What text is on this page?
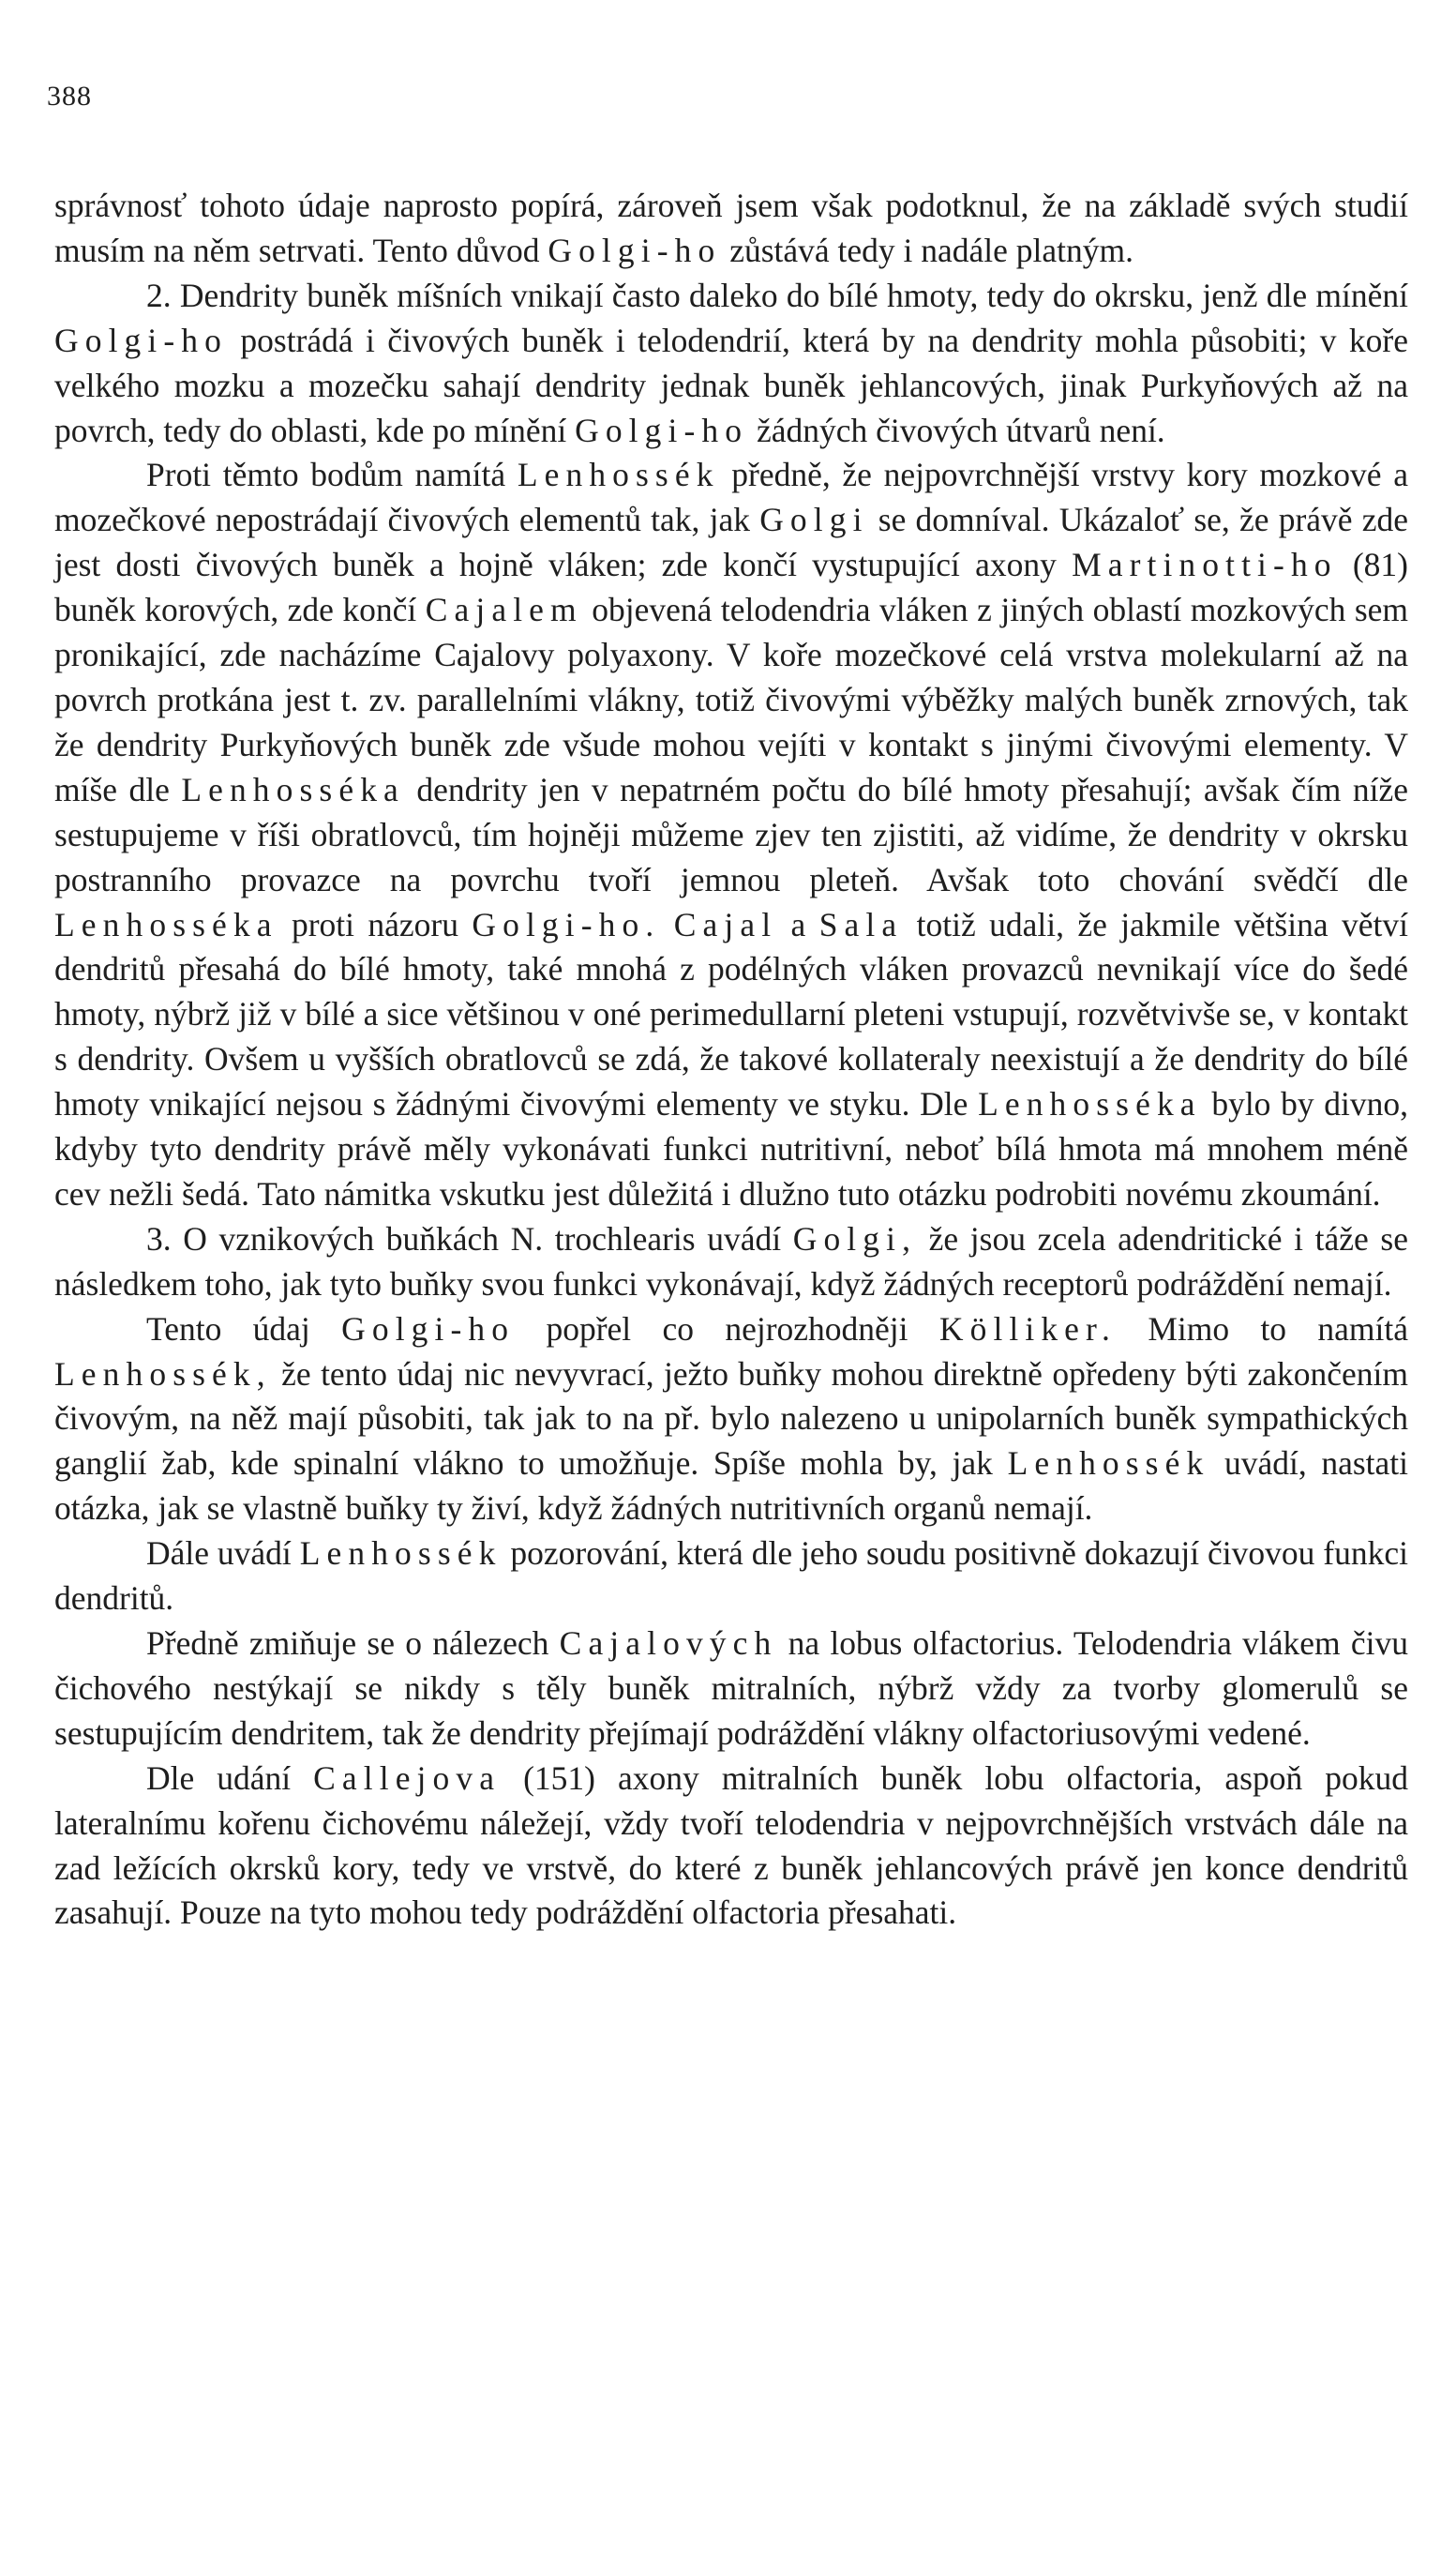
388

správnosť tohoto údaje naprosto popírá, zároveň jsem však podotknul, že na základě svých studií musím na něm setrvati. Tento důvod Golgi-ho zůstává tedy i nadále platným.

2. Dendrity buněk míšních vnikají často daleko do bílé hmoty, tedy do okrsku, jenž dle mínění Golgi-ho postrádá i čivových buněk i telodendrií, která by na dendrity mohla působiti; v koře velkého mozku a mozečku sahají dendrity jednak buněk jehlancových, jinak Purkyňových až na povrch, tedy do oblasti, kde po mínění Golgi-ho žádných čivových útvarů není.

Proti těmto bodům namítá Lenhossék předně, že nejpovrchnější vrstvy kory mozkové a mozečkové nepostrádají čivových elementů tak, jak Golgi se domníval. Ukázaloť se, že právě zde jest dosti čivových buněk a hojně vláken; zde končí vystupující axony Martinotti-ho (81) buněk korových, zde končí Cajalem objevená telodendria vláken z jiných oblastí mozkových sem pronikající, zde nacházíme Cajalovy polyaxony. V koře mozečkové celá vrstva molekularní až na povrch protkána jest t. zv. parallelními vlákny, totiž čivovými výběžky malých buněk zrnových, tak že dendrity Purkyňových buněk zde všude mohou vejíti v kontakt s jinými čivovými elementy. V míše dle Lenhosséka dendrity jen v nepatrném počtu do bílé hmoty přesahují; avšak čím níže sestupujeme v říši obratlovců, tím hojněji můžeme zjev ten zjistiti, až vidíme, že dendrity v okrsku postranního provazce na povrchu tvoří jemnou pleteň. Avšak toto chování svědčí dle Lenhosséka proti názoru Golgi-ho. Cajal a Sala totiž udali, že jakmile většina větví dendritů přesahá do bílé hmoty, také mnohá z podélných vláken provazců nevnikají více do šedé hmoty, nýbrž již v bílé a sice většinou v oné perimedullarní pleteni vstupují, rozvětvivše se, v kontakt s dendrity. Ovšem u vyšších obratlovců se zdá, že takové kollateraly neexistují a že dendrity do bílé hmoty vnikající nejsou s žádnými čivovými elementy ve styku. Dle Lenhosséka bylo by divno, kdyby tyto dendrity právě měly vykonávati funkci nutritivní, neboť bílá hmota má mnohem méně cev nežli šedá. Tato námitka vskutku jest důležitá i dlužno tuto otázku podrobiti novému zkoumání.

3. O vznikových buňkách N. trochlearis uvádí Golgi, že jsou zcela adendritické i táže se následkem toho, jak tyto buňky svou funkci vykonávají, když žádných receptorů podráždění nemají.

Tento údaj Golgi-ho popřel co nejrozhodněji Kölliker. Mimo to namítá Lenhossék, že tento údaj nic nevyvrací, ježto buňky mohou direktně opředeny býti zakončením čivovým, na něž mají působiti, tak jak to na př. bylo nalezeno u unipolarních buněk sympathických ganglií žab, kde spinalní vlákno to umožňuje. Spíše mohla by, jak Lenhossék uvádí, nastati otázka, jak se vlastně buňky ty živí, když žádných nutritivních organů nemají.

Dále uvádí Lenhossék pozorování, která dle jeho soudu positivně dokazují čivovou funkci dendritů.

Předně zmiňuje se o nálezech Cajalových na lobus olfactorius. Telodendria vlákem čivu čichového nestýkají se nikdy s těly buněk mitralních, nýbrž vždy za tvorby glomerulů se sestupujícím dendritem, tak že dendrity přejímají podráždění vlákny olfactoriusovými vedené.

Dle udání Callejova (151) axony mitralních buněk lobu olfactoria, aspoň pokud lateralnímu kořenu čichovému náležejí, vždy tvoří telodendria v nejpovrchnějších vrstvách dále na zad ležících okrsků kory, tedy ve vrstvě, do které z buněk jehlancových právě jen konce dendritů zasahují. Pouze na tyto mohou tedy podráždění olfactoria přesahati.
